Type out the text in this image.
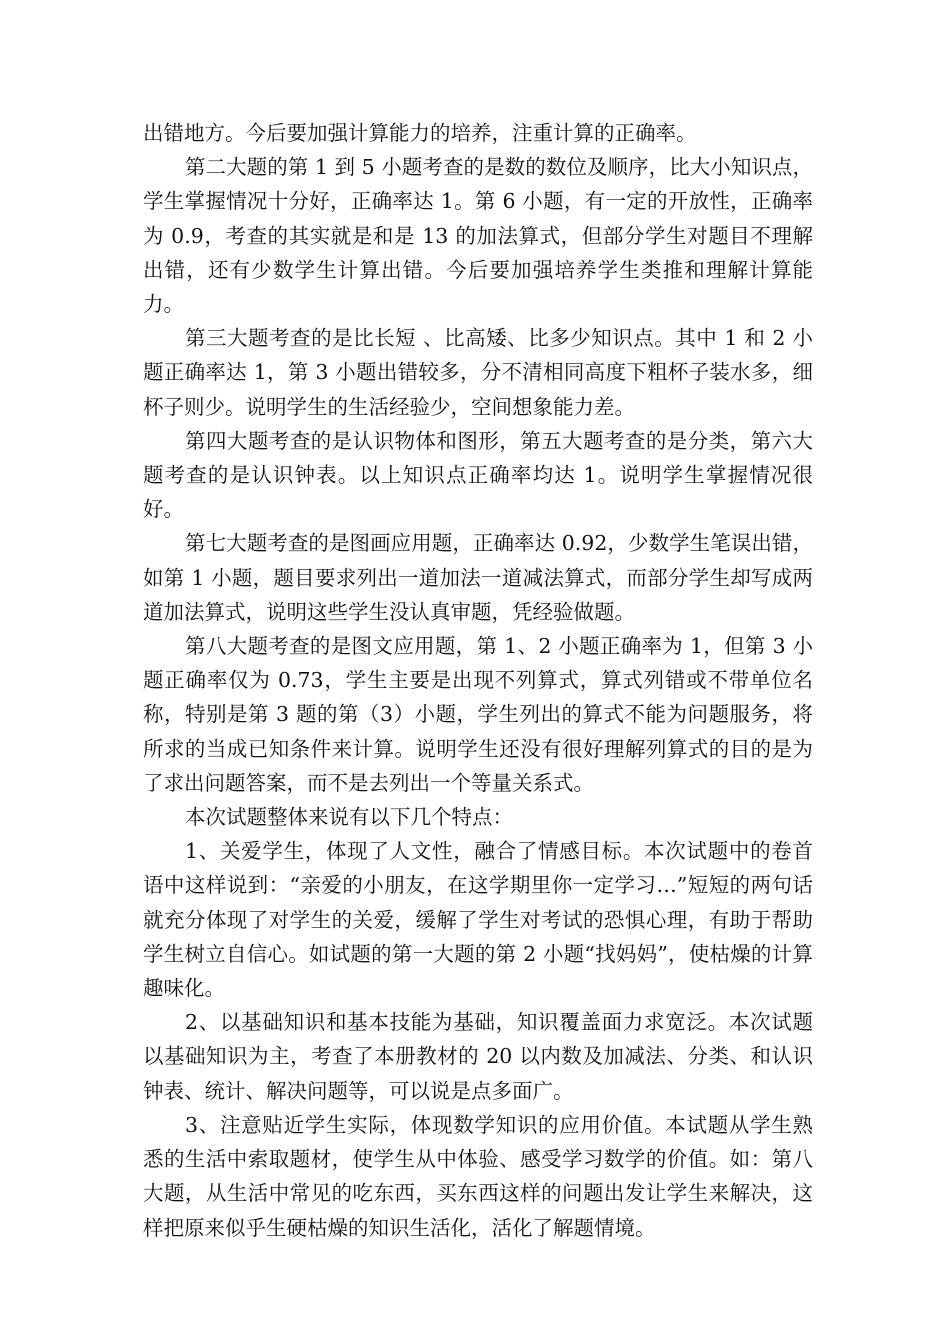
出错地方。今后要加强计算能力的培养，注重计算的正确率。

第二大题的第 1 到 5 小题考查的是数的数位及顺序，比大小知识点，学生掌握情况十分好，正确率达 1。第 6 小题，有一定的开放性，正确率为 0.9，考查的其实就是和是 13 的加法算式，但部分学生对题目不理解出错，还有少数学生计算出错。今后要加强培养学生类推和理解计算能力。

第三大题考查的是比长短 、比高矮、比多少知识点。其中 1 和 2 小题正确率达 1，第 3 小题出错较多，分不清相同高度下粗杯子装水多，细杯子则少。说明学生的生活经验少，空间想象能力差。

第四大题考查的是认识物体和图形，第五大题考查的是分类，第六大题考查的是认识钟表。以上知识点正确率均达 1。说明学生掌握情况很好。

第七大题考查的是图画应用题，正确率达 0.92，少数学生笔误出错，如第 1 小题，题目要求列出一道加法一道减法算式，而部分学生却写成两道加法算式，说明这些学生没认真审题，凭经验做题。

第八大题考查的是图文应用题，第 1、2 小题正确率为 1，但第 3 小题正确率仅为 0.73，学生主要是出现不列算式，算式列错或不带单位名称，特别是第 3 题的第（3）小题，学生列出的算式不能为问题服务，将所求的当成已知条件来计算。说明学生还没有很好理解列算式的目的是为了求出问题答案，而不是去列出一个等量关系式。

本次试题整体来说有以下几个特点：

1、关爱学生，体现了人文性，融合了情感目标。本次试题中的卷首语中这样说到：“亲爱的小朋友，在这学期里你一定学习…”短短的两句话就充分体现了对学生的关爱，缓解了学生对考试的恐惧心理，有助于帮助学生树立自信心。如试题的第一大题的第 2 小题“找妈妈”，使枯燥的计算趣味化。

2、以基础知识和基本技能为基础，知识覆盖面力求宽泛。本次试题以基础知识为主，考查了本册教材的 20 以内数及加减法、分类、和认识钟表、统计、解决问题等，可以说是点多面广。

3、注意贴近学生实际，体现数学知识的应用价值。本试题从学生熟悉的生活中索取题材，使学生从中体验、感受学习数学的价值。如：第八大题，从生活中常见的吃东西，买东西这样的问题出发让学生来解决，这样把原来似乎生硬枯燥的知识生活化，活化了解题情境。
